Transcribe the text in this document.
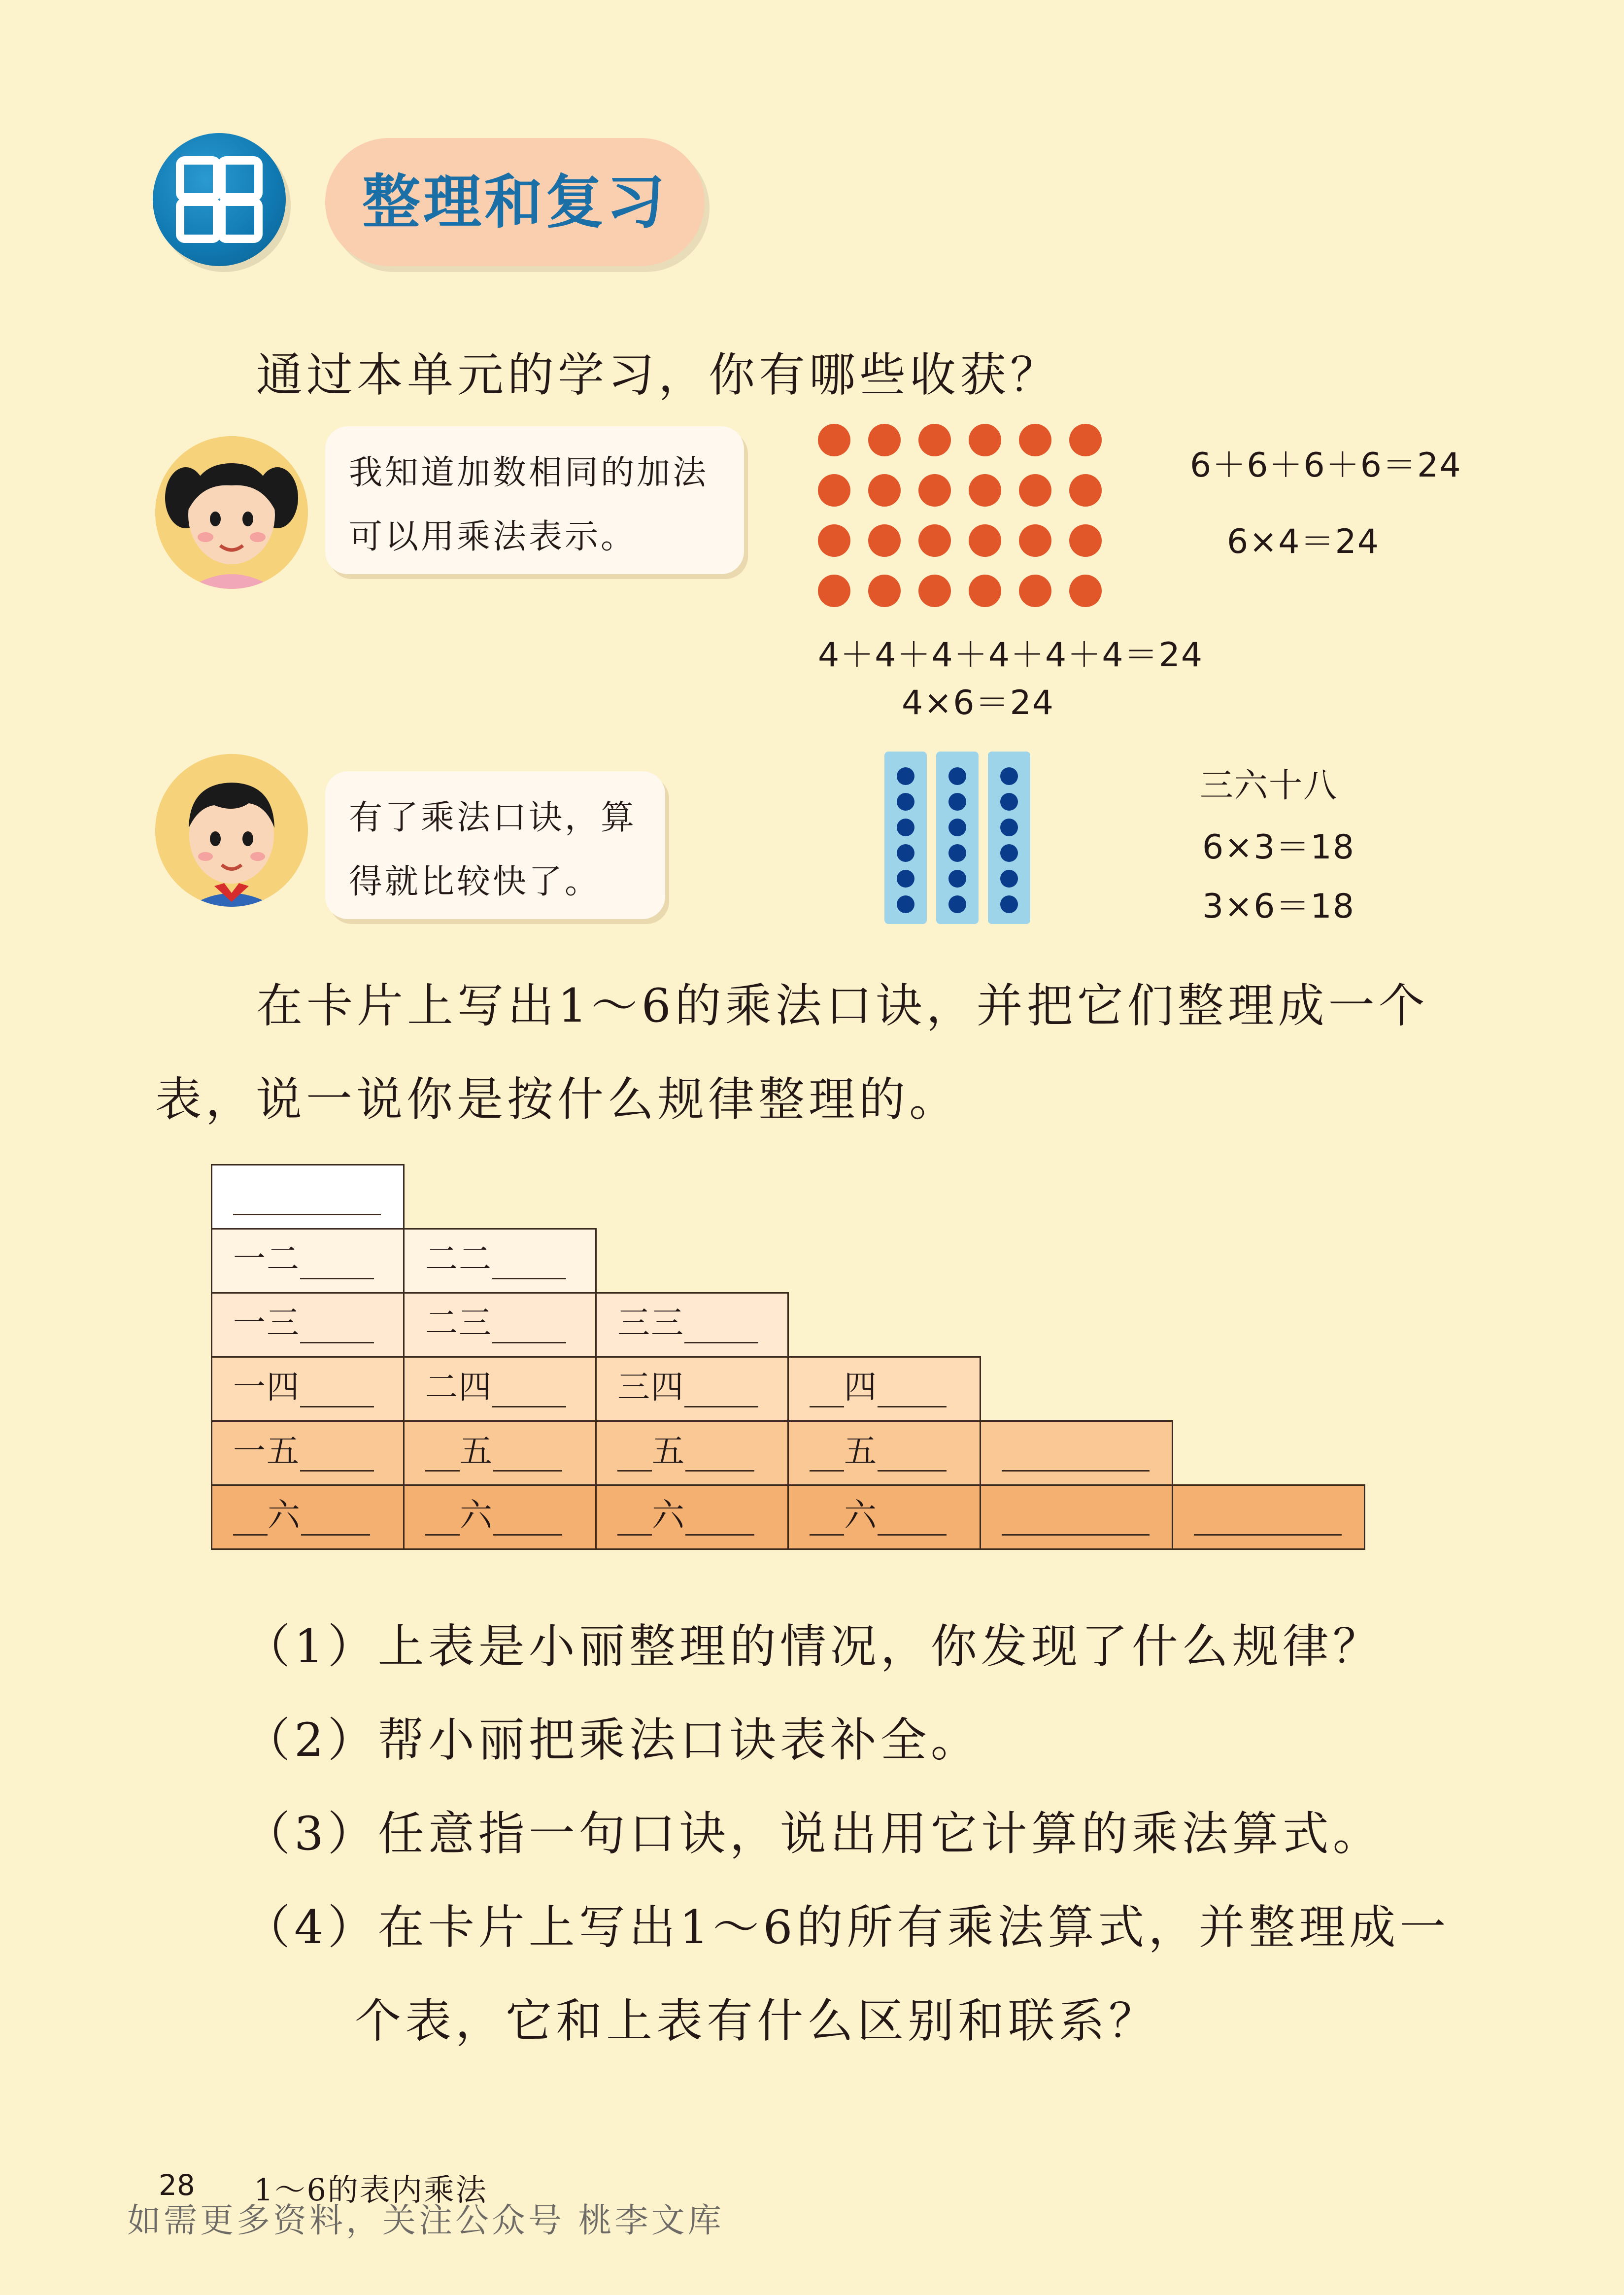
整理和复习
通过本单元的学习，你有哪些收获？
我知道加数相同的加法
可以用乘法表示。
6＋6＋6＋6＝24
6×4＝24
4＋4＋4＋4＋4＋4＝24
4×6＝24
有了乘法口诀，算
得就比较快了。
三六十八
6×3＝18
3×6＝18
在卡片上写出1～6的乘法口诀，并把它们整理成一个
表，说一说你是按什么规律整理的。
一二	二二
一三	二三	三三
一四	二四	三四	四
一五	五	五	五
六	六	六	六
（1）上表是小丽整理的情况，你发现了什么规律？
（2）帮小丽把乘法口诀表补全。
（3）任意指一句口诀，说出用它计算的乘法算式。
（4）在卡片上写出1～6的所有乘法算式，并整理成一
个表，它和上表有什么区别和联系？
28 1～6的表内乘法
如需更多资料，关注公众号 桃李文库
